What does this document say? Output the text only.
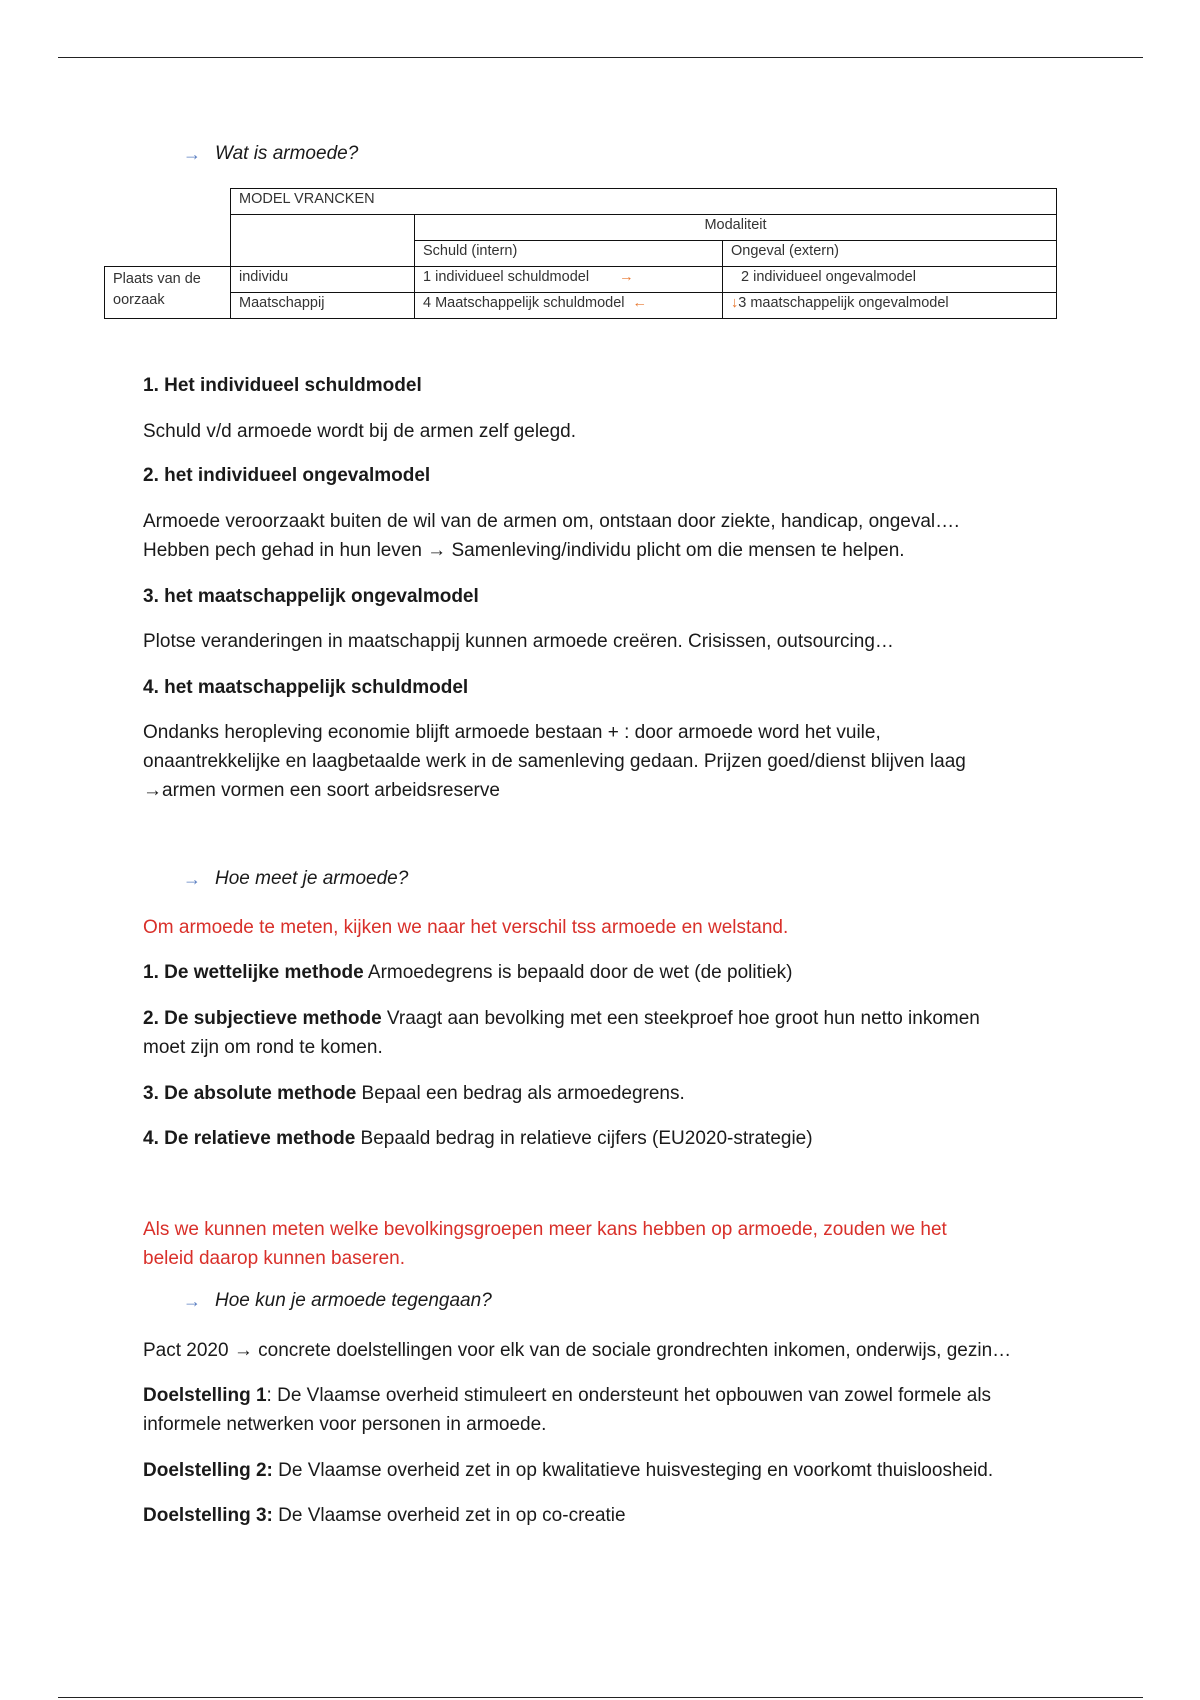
→ Wat is armoede?
	MODEL VRANCKEN		
		Modaliteit	
		Schuld (intern)	Ongeval (extern)
Plaats van de oorzaak	individu	1 individueel schuldmodel →	2 individueel ongevalmodel
	Maatschappij	4 Maatschappelijk schuldmodel ←	↓3 maatschappelijk ongevalmodel
1. Het individueel schuldmodel
Schuld v/d armoede wordt bij de armen zelf gelegd.
2. het individueel ongevalmodel
Armoede veroorzaakt buiten de wil van de armen om, ontstaan door ziekte, handicap, ongeval….
Hebben pech gehad in hun leven → Samenleving/individu plicht om die mensen te helpen.
3. het maatschappelijk ongevalmodel
Plotse veranderingen in maatschappij kunnen armoede creëren. Crisissen, outsourcing…
4. het maatschappelijk schuldmodel
Ondanks heropleving economie blijft armoede bestaan + : door armoede word het vuile,
onaantrekkelijke en laagbetaalde werk in de samenleving gedaan. Prijzen goed/dienst blijven laag
→armen vormen een soort arbeidsreserve
→ Hoe meet je armoede?
Om armoede te meten, kijken we naar het verschil tss armoede en welstand.
1. De wettelijke methode Armoedegrens is bepaald door de wet (de politiek)
2. De subjectieve methode Vraagt aan bevolking met een steekproef hoe groot hun netto inkomen
moet zijn om rond te komen.
3. De absolute methode Bepaal een bedrag als armoedegrens.
4. De relatieve methode Bepaald bedrag in relatieve cijfers (EU2020-strategie)
Als we kunnen meten welke bevolkingsgroepen meer kans hebben op armoede, zouden we het
beleid daarop kunnen baseren.
→ Hoe kun je armoede tegengaan?
Pact 2020 → concrete doelstellingen voor elk van de sociale grondrechten inkomen, onderwijs, gezin…
Doelstelling 1: De Vlaamse overheid stimuleert en ondersteunt het opbouwen van zowel formele als
informele netwerken voor personen in armoede.
Doelstelling 2: De Vlaamse overheid zet in op kwalitatieve huisvesteging en voorkomt thuisloosheid.
Doelstelling 3: De Vlaamse overheid zet in op co-creatie
